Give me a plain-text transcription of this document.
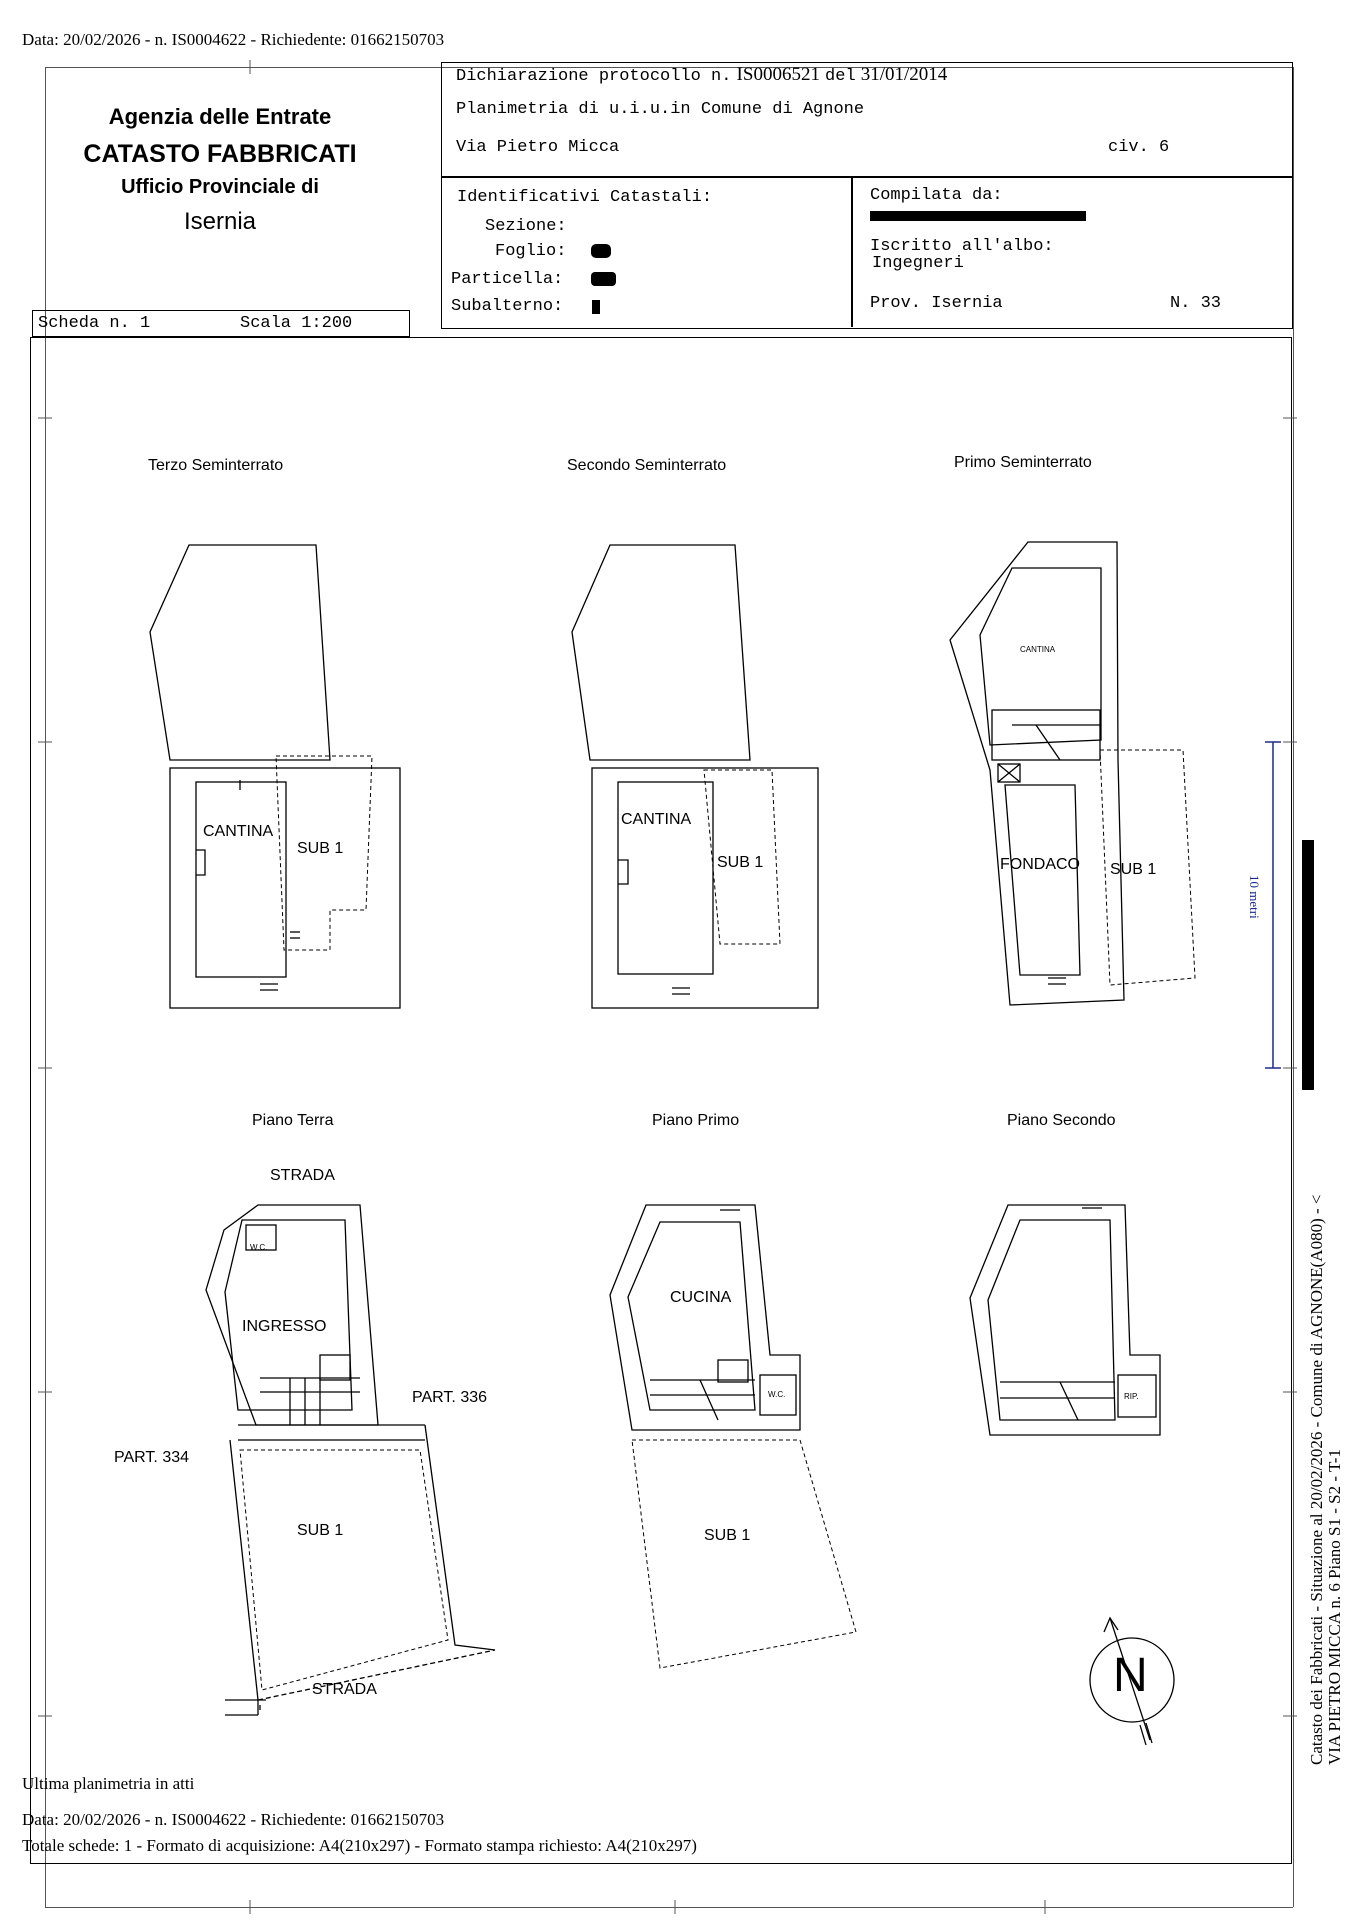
Data: 20/02/2026 - n. IS0004622 - Richiedente: 01662150703
Agenzia delle Entrate
CATASTO FABBRICATI
Ufficio Provinciale di
Isernia
Dichiarazione protocollo n. IS0006521 del 31/01/2014
Planimetria di u.i.u.in Comune di Agnone
Via Pietro Micca	civ. 6
Identificativi Catastali:
Sezione:
Foglio:
Particella:
Subalterno:
Compilata da:
Iscritto all'albo:
Ingegneri
Prov. Isernia	N. 33
Scheda n. 1	Scala 1:200
Terzo Seminterrato	Secondo Seminterrato	Primo Seminterrato
Piano Terra	Piano Primo	Piano Secondo
CANTINA
SUB 1
CANTINA
SUB 1
CANTINA
FONDACO SUB 1
STRADA
W.C.
INGRESSO
PART. 336
PART. 334
SUB 1
STRADA
CUCINA
W.C.
SUB 1
RIP.
N
10 metri
Catasto dei Fabbricati - Situazione al 20/02/2026 - Comune di AGNONE(A080) - < VIA PIETRO MICCA n. 6 Piano S1 - S2 - T-1
Ultima planimetria in atti
Data: 20/02/2026 - n. IS0004622 - Richiedente: 01662150703
Totale schede: 1 - Formato di acquisizione: A4(210x297) - Formato stampa richiesto: A4(210x297)
